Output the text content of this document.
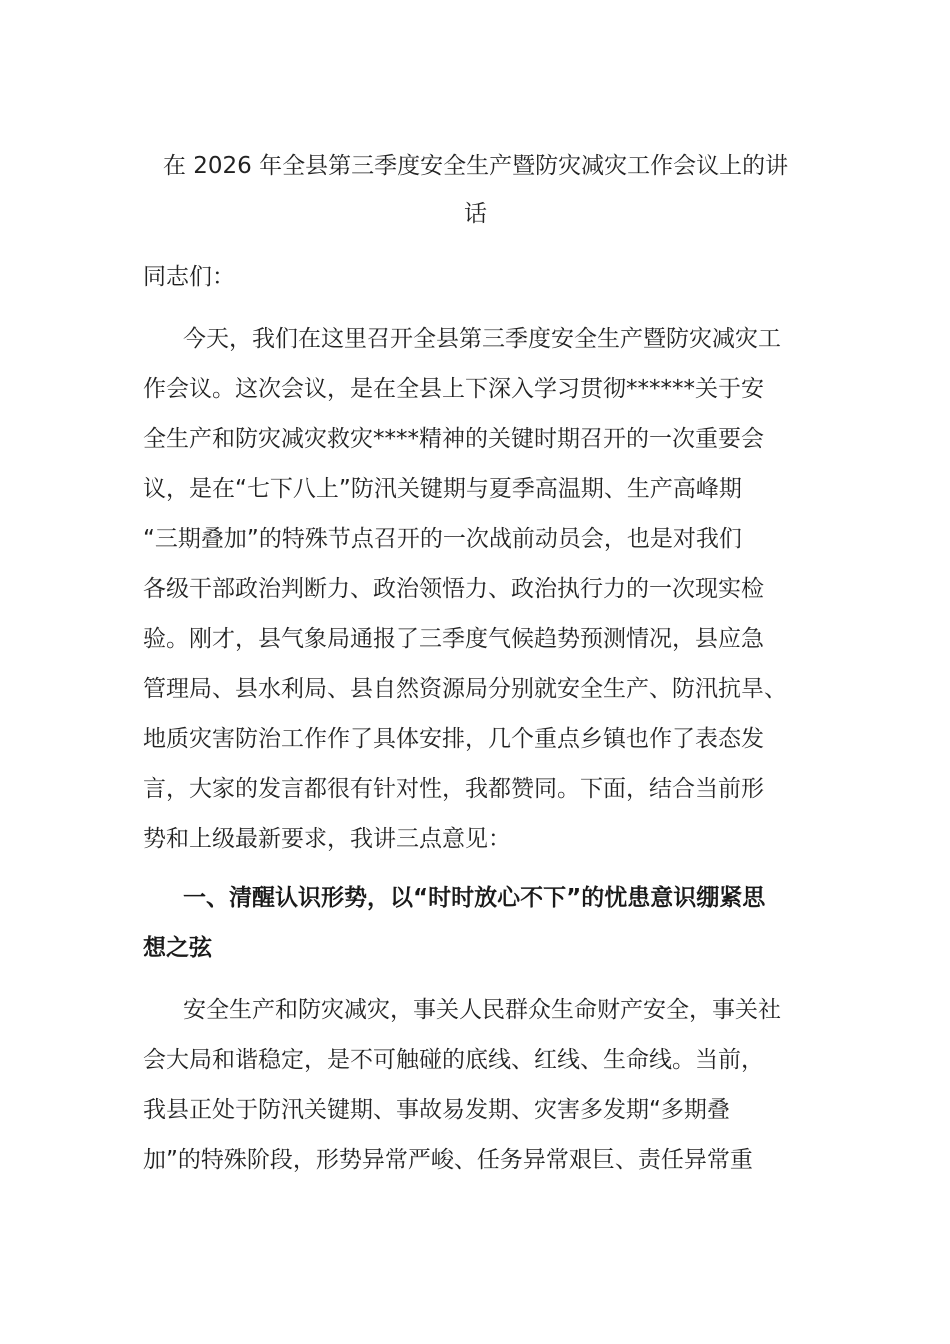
在 2026 年全县第三季度安全生产暨防灾减灾工作会议上的讲
话
同志们：
今天，我们在这里召开全县第三季度安全生产暨防灾减灾工
作会议。这次会议，是在全县上下深入学习贯彻******关于安
全生产和防灾减灾救灾****精神的关键时期召开的一次重要会
议，是在“七下八上”防汛关键期与夏季高温期、生产高峰期
“三期叠加”的特殊节点召开的一次战前动员会，也是对我们
各级干部政治判断力、政治领悟力、政治执行力的一次现实检
验。刚才，县气象局通报了三季度气候趋势预测情况，县应急
管理局、县水利局、县自然资源局分别就安全生产、防汛抗旱、
地质灾害防治工作作了具体安排，几个重点乡镇也作了表态发
言，大家的发言都很有针对性，我都赞同。下面，结合当前形
势和上级最新要求，我讲三点意见：
一、清醒认识形势，以“时时放心不下”的忧患意识绷紧思
想之弦
安全生产和防灾减灾，事关人民群众生命财产安全，事关社
会大局和谐稳定，是不可触碰的底线、红线、生命线。当前，
我县正处于防汛关键期、事故易发期、灾害多发期“多期叠
加”的特殊阶段，形势异常严峻、任务异常艰巨、责任异常重
